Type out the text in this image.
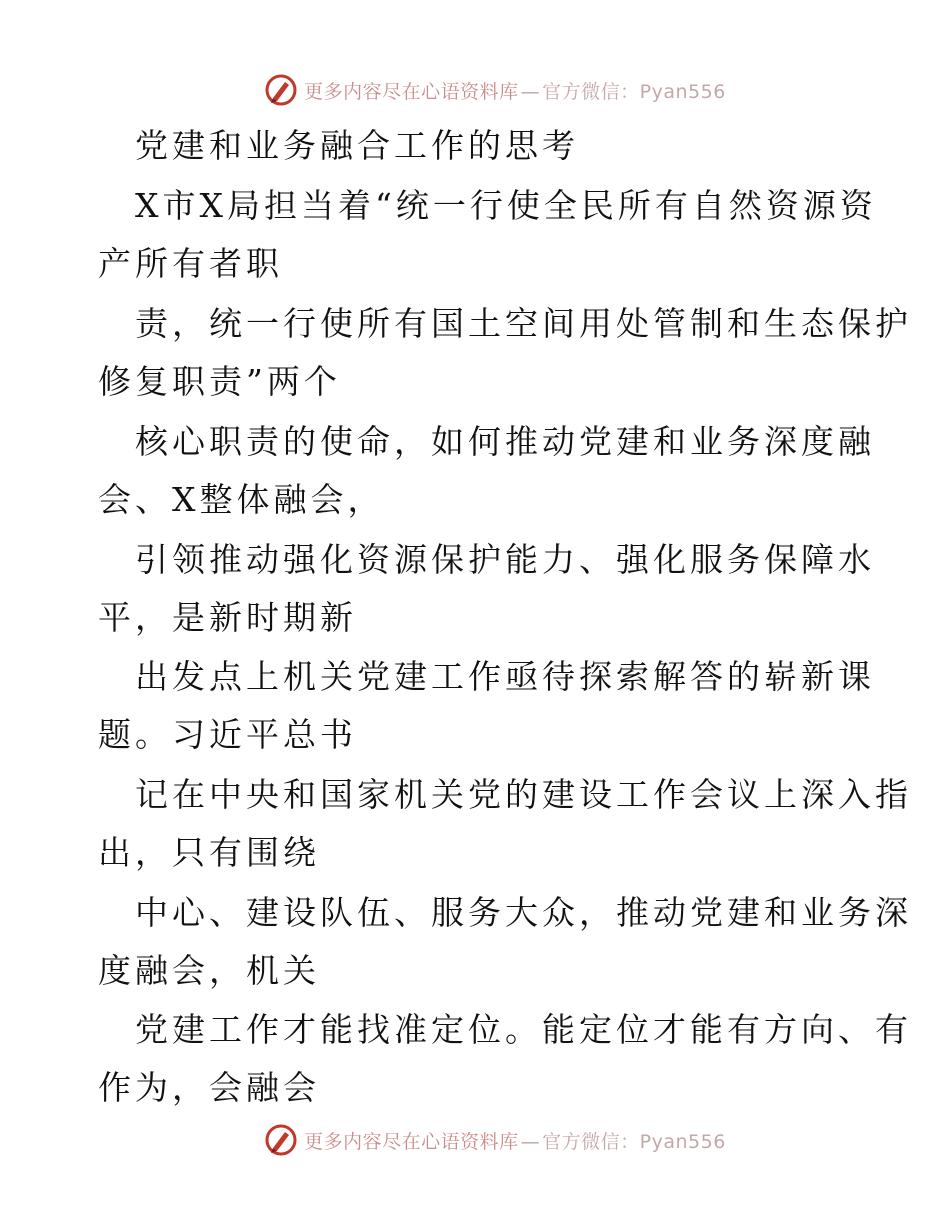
更多内容尽在心语资料库 — 官方微信：Pyan556
党建和业务融合工作的思考
X市X局担当着“统一行使全民所有自然资源资
产所有者职
责，统一行使所有国土空间用处管制和生态保护
修复职责”两个
核心职责的使命，如何推动党建和业务深度融
会、X整体融会，
引领推动强化资源保护能力、强化服务保障水
平，是新时期新
出发点上机关党建工作亟待探索解答的崭新课
题。习近平总书
记在中央和国家机关党的建设工作会议上深入指
出，只有围绕
中心、建设队伍、服务大众，推动党建和业务深
度融会，机关
党建工作才能找准定位。能定位才能有方向、有
作为，会融会
更多内容尽在心语资料库 — 官方微信：Pyan556
